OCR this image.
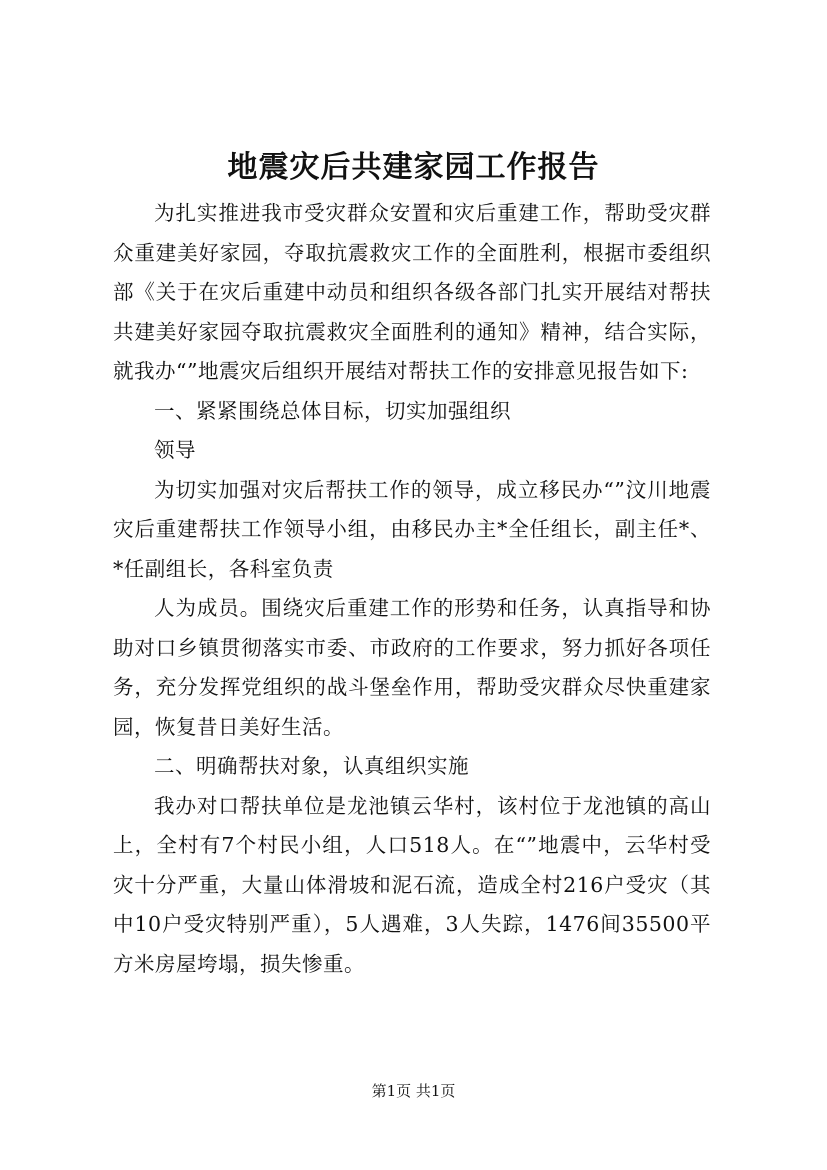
地震灾后共建家园工作报告

为扎实推进我市受灾群众安置和灾后重建工作，帮助受灾群众重建美好家园，夺取抗震救灾工作的全面胜利，根据市委组织部《关于在灾后重建中动员和组织各级各部门扎实开展结对帮扶共建美好家园夺取抗震救灾全面胜利的通知》精神，结合实际，就我办“”地震灾后组织开展结对帮扶工作的安排意见报告如下:

一、紧紧围绕总体目标，切实加强组织

领导

为切实加强对灾后帮扶工作的领导，成立移民办“”汶川地震灾后重建帮扶工作领导小组，由移民办主*全任组长，副主任*、*任副组长，各科室负责

人为成员。围绕灾后重建工作的形势和任务，认真指导和协助对口乡镇贯彻落实市委、市政府的工作要求，努力抓好各项任务，充分发挥党组织的战斗堡垒作用，帮助受灾群众尽快重建家园，恢复昔日美好生活。

二、明确帮扶对象，认真组织实施

我办对口帮扶单位是龙池镇云华村，该村位于龙池镇的高山上，全村有7个村民小组，人口518人。在“”地震中，云华村受灾十分严重，大量山体滑坡和泥石流，造成全村216户受灾（其中10户受灾特别严重），5人遇难，3人失踪，1476间35500平方米房屋垮塌，损失惨重。

第1页 共1页
